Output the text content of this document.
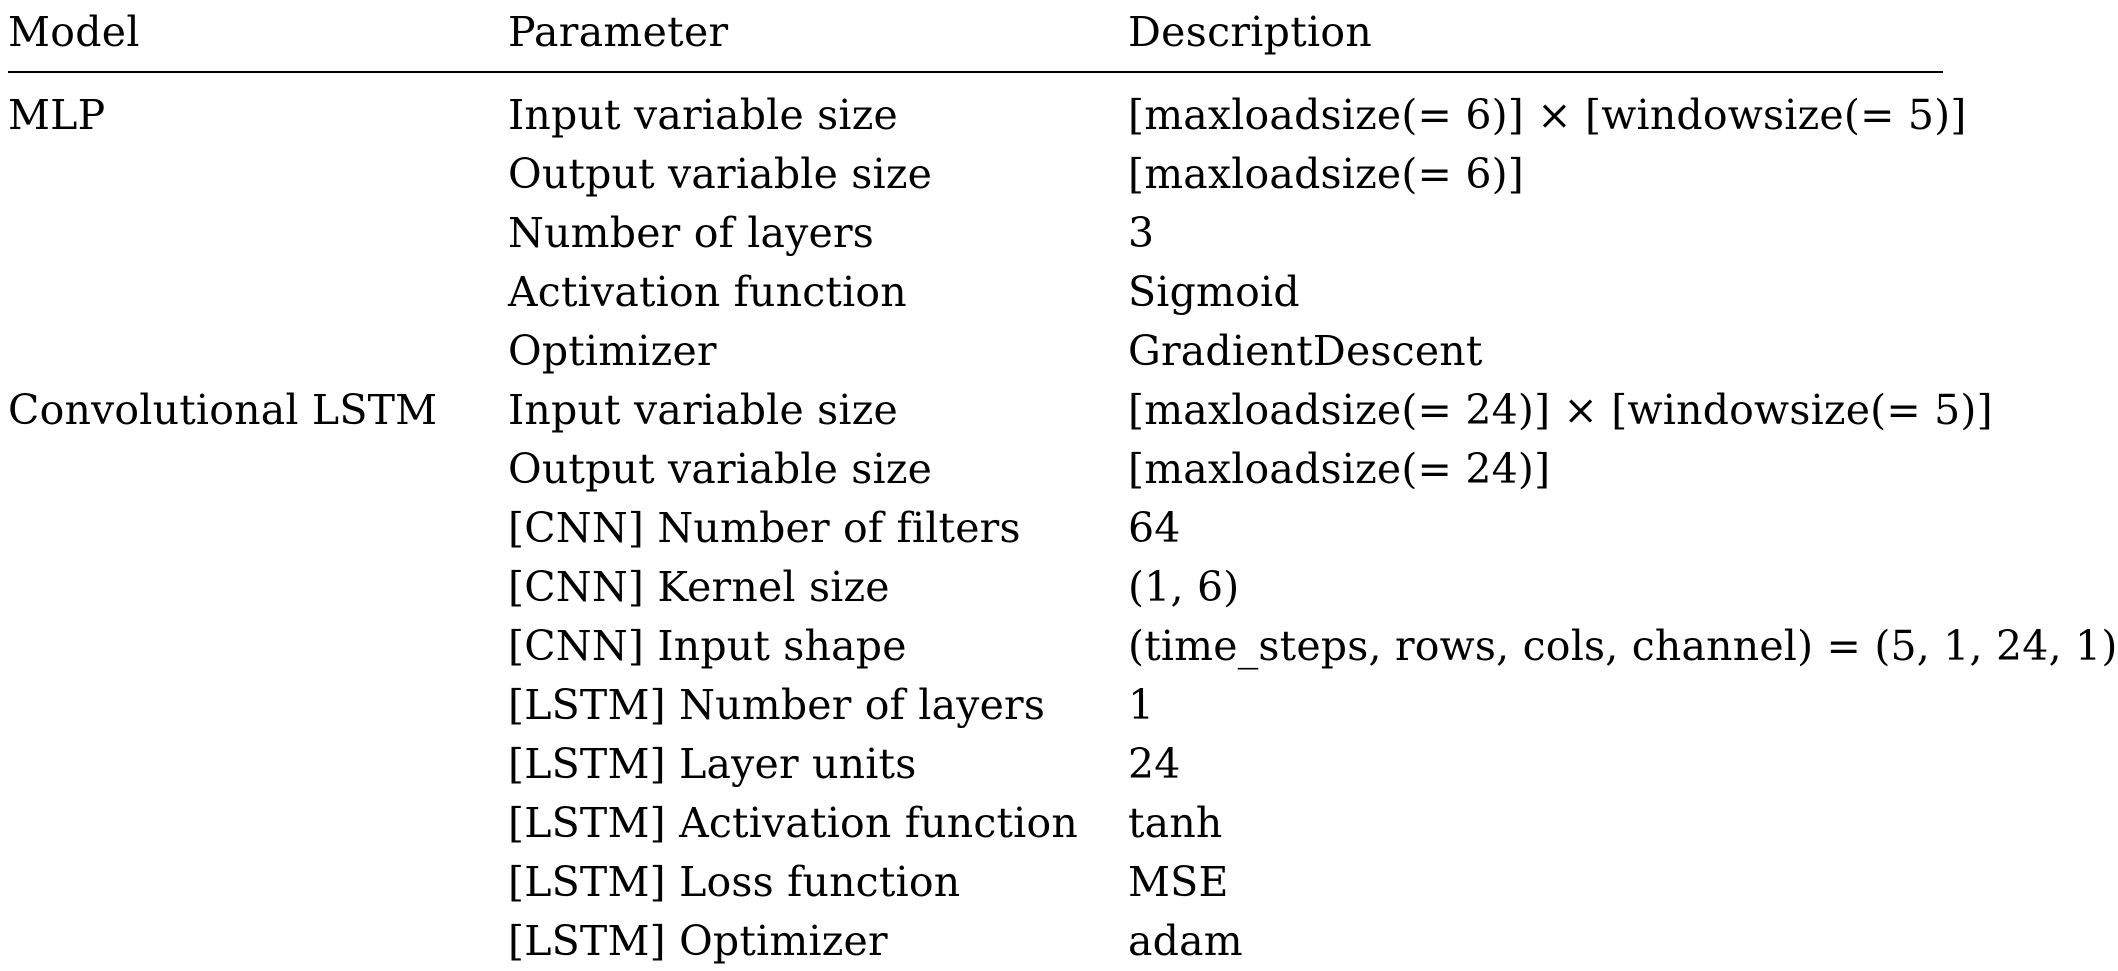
Model	Parameter	Description

MLP	Input variable size	[maxloadsize(= 6)] × [windowsize(= 5)]
	Output variable size	[maxloadsize(= 6)]
	Number of layers	3
	Activation function	Sigmoid
	Optimizer	GradientDescent
Convolutional LSTM	Input variable size	[maxloadsize(= 24)] × [windowsize(= 5)]
	Output variable size	[maxloadsize(= 24)]
	[CNN] Number of filters	64
	[CNN] Kernel size	(1, 6)
	[CNN] Input shape	(time_steps, rows, cols, channel) = (5, 1, 24, 1)
	[LSTM] Number of layers	1
	[LSTM] Layer units	24
	[LSTM] Activation function	tanh
	[LSTM] Loss function	MSE
	[LSTM] Optimizer	adam
